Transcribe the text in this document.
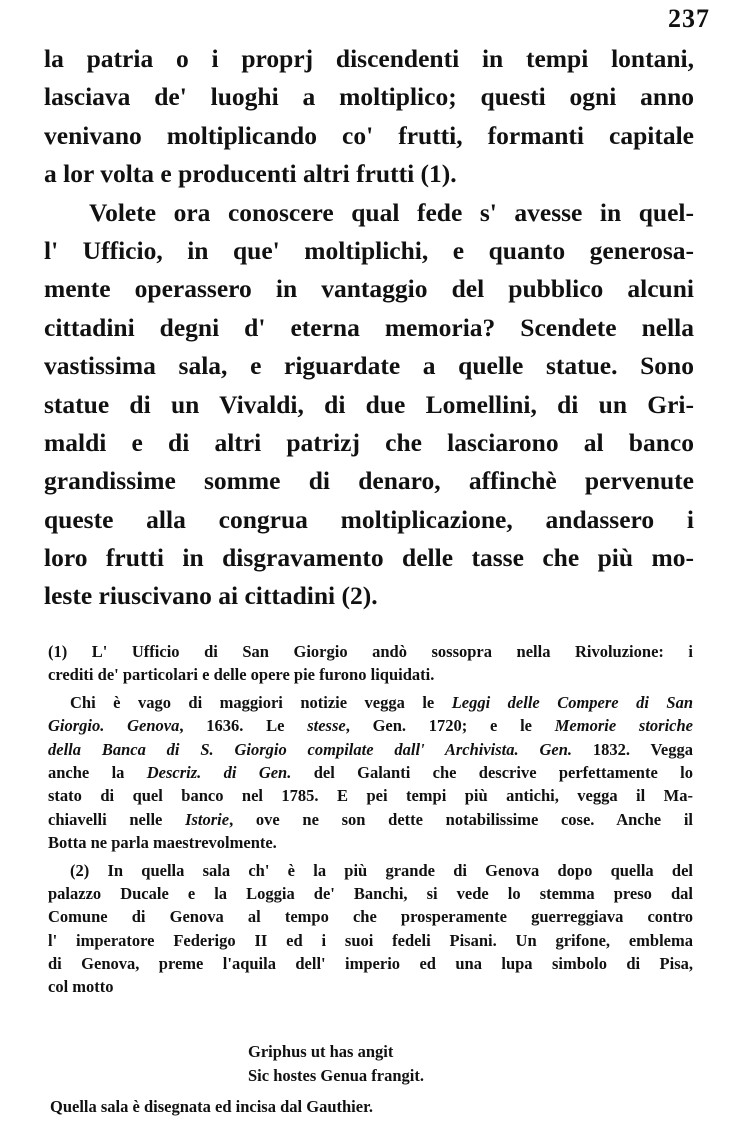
237
la patria o i proprj discendenti in tempi lontani,
lasciava de' luoghi a moltiplico; questi ogni anno
venivano moltiplicando co' frutti, formanti capitale
a lor volta e producenti altri frutti (1).
Volete ora conoscere qual fede s' avesse in quel-
l' Ufficio, in que' moltiplichi, e quanto generosa-
mente operassero in vantaggio del pubblico alcuni
cittadini degni d' eterna memoria? Scendete nella
vastissima sala, e riguardate a quelle statue. Sono
statue di un Vivaldi, di due Lomellini, di un Gri-
maldi e di altri patrizj che lasciarono al banco
grandissime somme di denaro, affinchè pervenute
queste alla congrua moltiplicazione, andassero i
loro frutti in disgravamento delle tasse che più mo-
leste riuscivano ai cittadini (2).
(1) L' Ufficio di San Giorgio andò sossopra nella Rivoluzione: i
crediti de' particolari e delle opere pie furono liquidati.
Chi è vago di maggiori notizie vegga le Leggi delle Compere di San
Giorgio. Genova, 1636. Le stesse, Gen. 1720; e le Memorie storiche
della Banca di S. Giorgio compilate dall' Archivista. Gen. 1832. Vegga
anche la Descriz. di Gen. del Galanti che descrive perfettamente lo
stato di quel banco nel 1785. E pei tempi più antichi, vegga il Ma-
chiavelli nelle Istorie, ove ne son dette notabilissime cose. Anche il
Botta ne parla maestrevolmente.
(2) In quella sala ch' è la più grande di Genova dopo quella del
palazzo Ducale e la Loggia de' Banchi, si vede lo stemma preso dal
Comune di Genova al tempo che prosperamente guerreggiava contro
l' imperatore Federigo II ed i suoi fedeli Pisani. Un grifone, emblema
di Genova, preme l'aquila dell' imperio ed una lupa simbolo di Pisa,
col motto
Griphus ut has angit
Sic hostes Genua frangit.
Quella sala è disegnata ed incisa dal Gauthier.
